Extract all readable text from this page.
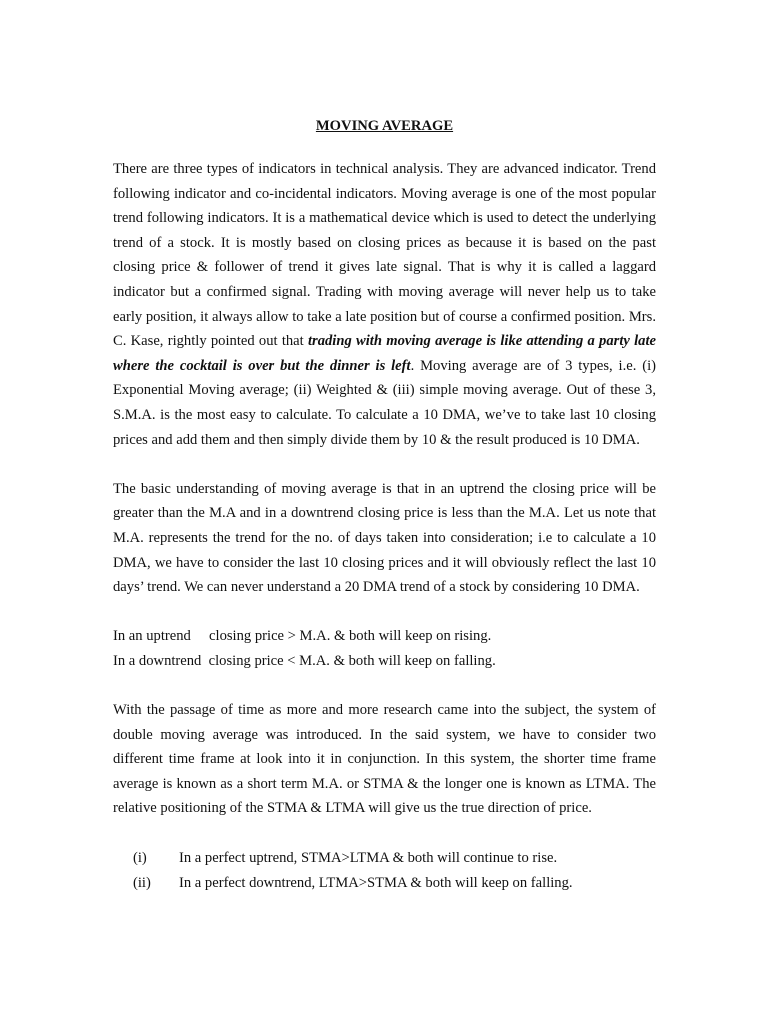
MOVING AVERAGE

There are three types of indicators in technical analysis. They are advanced indicator. Trend following indicator and co-incidental indicators. Moving average is one of the most popular trend following indicators. It is a mathematical device which is used to detect the underlying trend of a stock. It is mostly based on closing prices as because it is based on the past closing price & follower of trend it gives late signal. That is why it is called a laggard indicator but a confirmed signal. Trading with moving average will never help us to take early position, it always allow to take a late position but of course a confirmed position. Mrs. C. Kase, rightly pointed out that trading with moving average is like attending a party late where the cocktail is over but the dinner is left. Moving average are of 3 types, i.e. (i) Exponential Moving average; (ii) Weighted & (iii) simple moving average. Out of these 3, S.M.A. is the most easy to calculate. To calculate a 10 DMA, we’ve to take last 10 closing prices and add them and then simply divide them by 10 & the result produced is 10 DMA.

The basic understanding of moving average is that in an uptrend the closing price will be greater than the M.A and in a downtrend closing price is less than the M.A. Let us note that M.A. represents the trend for the no. of days taken into consideration; i.e to calculate a 10 DMA, we have to consider the last 10 closing prices and it will obviously reflect the last 10 days’ trend. We can never understand a 20 DMA trend of a stock by considering 10 DMA.

In an uptrend     closing price > M.A. & both will keep on rising.
In a downtrend  closing price < M.A. & both will keep on falling.

With the passage of time as more and more research came into the subject, the system of double moving average was introduced. In the said system, we have to consider two different time frame at look into it in conjunction. In this system, the shorter time frame average is known as a short term M.A. or STMA & the longer one is known as LTMA. The relative positioning of the STMA & LTMA will give us the true direction of price.

(i)	In a perfect uptrend, STMA>LTMA & both will continue to rise.
(ii)	In a perfect downtrend, LTMA>STMA & both will keep on falling.
